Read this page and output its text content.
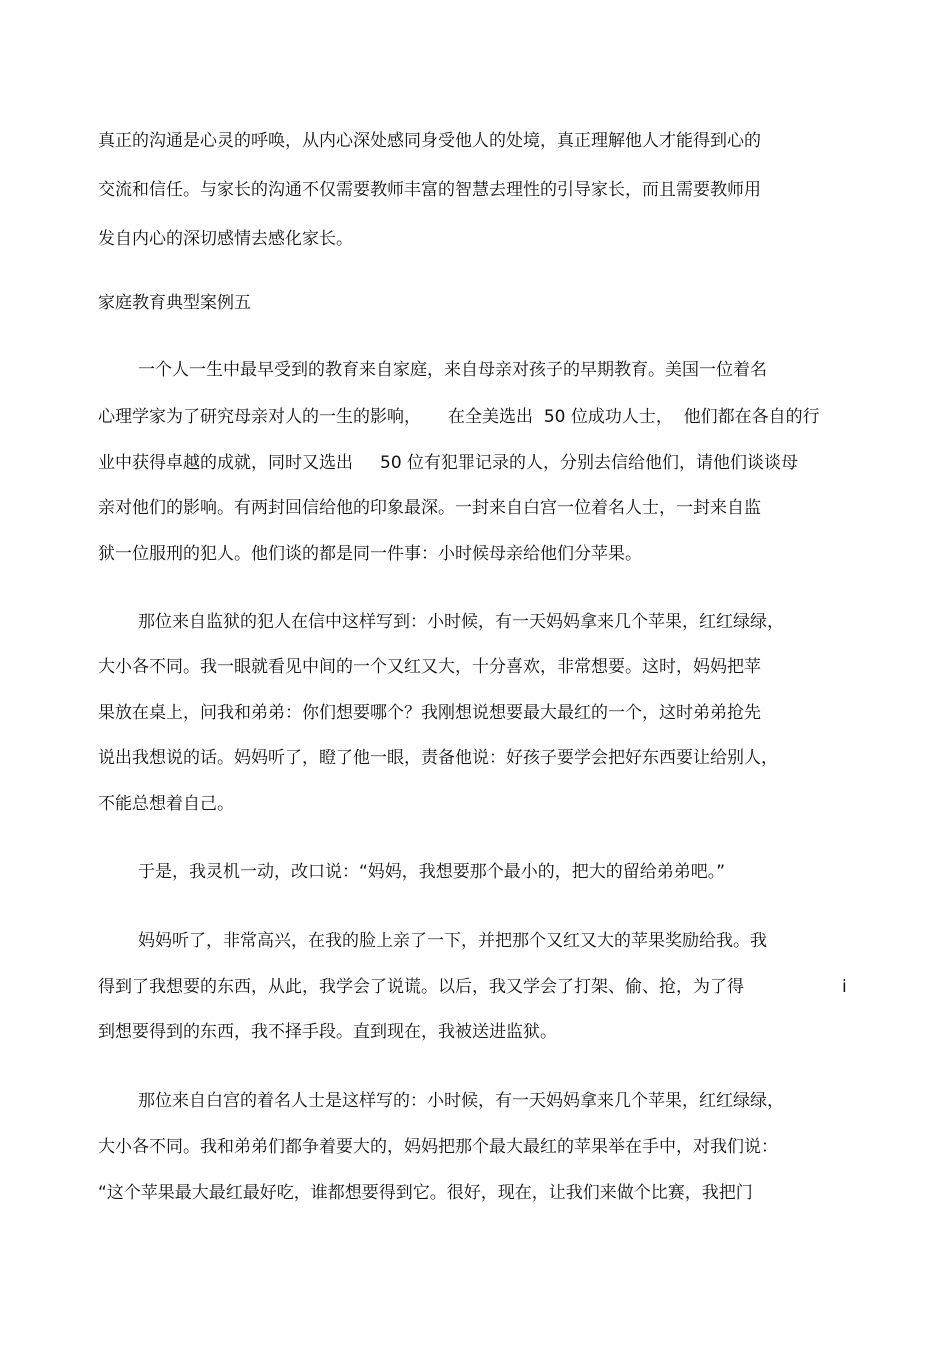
真正的沟通是心灵的呼唤，从内心深处感同身受他人的处境，真正理解他人才能得到心的
交流和信任。与家长的沟通不仅需要教师丰富的智慧去理性的引导家长，而且需要教师用
发自内心的深切感情去感化家长。
家庭教育典型案例五
一个人一生中最早受到的教育来自家庭，来自母亲对孩子的早期教育。美国一位着名
心理学家为了研究母亲对人的一生的影响，     在全美选出  50 位成功人士，  他们都在各自的行
业中获得卓越的成就，同时又选出     50 位有犯罪记录的人，分别去信给他们，请他们谈谈母
亲对他们的影响。有两封回信给他的印象最深。一封来自白宫一位着名人士，一封来自监
狱一位服刑的犯人。他们谈的都是同一件事：小时候母亲给他们分苹果。
那位来自监狱的犯人在信中这样写到：小时候，有一天妈妈拿来几个苹果，红红绿绿，
大小各不同。我一眼就看见中间的一个又红又大，十分喜欢，非常想要。这时，妈妈把苹
果放在桌上，问我和弟弟：你们想要哪个？我刚想说想要最大最红的一个，这时弟弟抢先
说出我想说的话。妈妈听了，瞪了他一眼，责备他说：好孩子要学会把好东西要让给别人，
不能总想着自己。
于是，我灵机一动，改口说：“妈妈，我想要那个最小的，把大的留给弟弟吧。”
妈妈听了，非常高兴，在我的脸上亲了一下，并把那个又红又大的苹果奖励给我。我
得到了我想要的东西，从此，我学会了说谎。以后，我又学会了打架、偷、抢，为了得	i
到想要得到的东西，我不择手段。直到现在，我被送进监狱。
那位来自白宫的着名人士是这样写的：小时候，有一天妈妈拿来几个苹果，红红绿绿，
大小各不同。我和弟弟们都争着要大的，妈妈把那个最大最红的苹果举在手中，对我们说：
“这个苹果最大最红最好吃，谁都想要得到它。很好，现在，让我们来做个比赛，我把门
